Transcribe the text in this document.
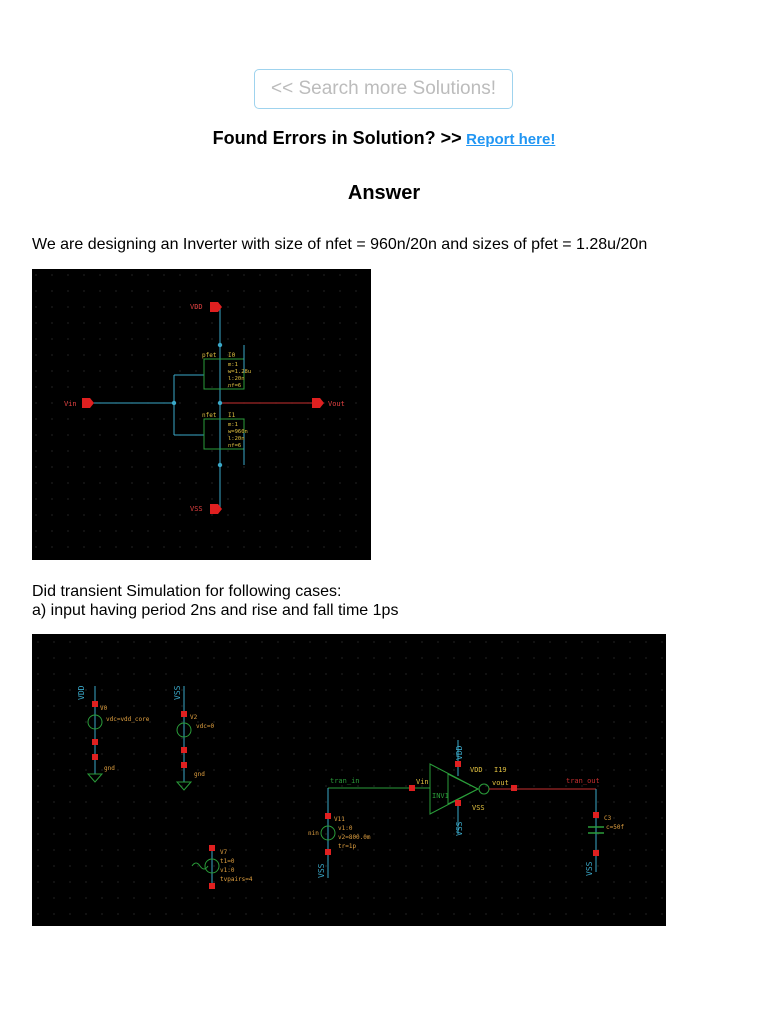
<< Search more Solutions!
Found Errors in Solution? >> Report here!
Answer
We are designing an Inverter with size of nfet = 960n/20n and sizes of pfet = 1.28u/20n
VDD
VSS
Vin	Vout
pfet I0
m:1
w=1.28u
l:20n
nf=6
nfet I1
m:1
w=960n
l:20n
nf=6
Did transient Simulation for following cases:
a) input having period 2ns and rise and fall time 1ps
VDD
V0
vdc=vdd_core
gnd
VSS
V2
vdc=0
gnd
V7
t1=0
v1:0
tvpairs=4
tran_in
V11
v1:0
v2=800.0m
tr=1p
nin
VSS
VDD
VDD I19
Vin	vout
INV1
VSS
VSS
tran_out
C3
c=50f
VSS
